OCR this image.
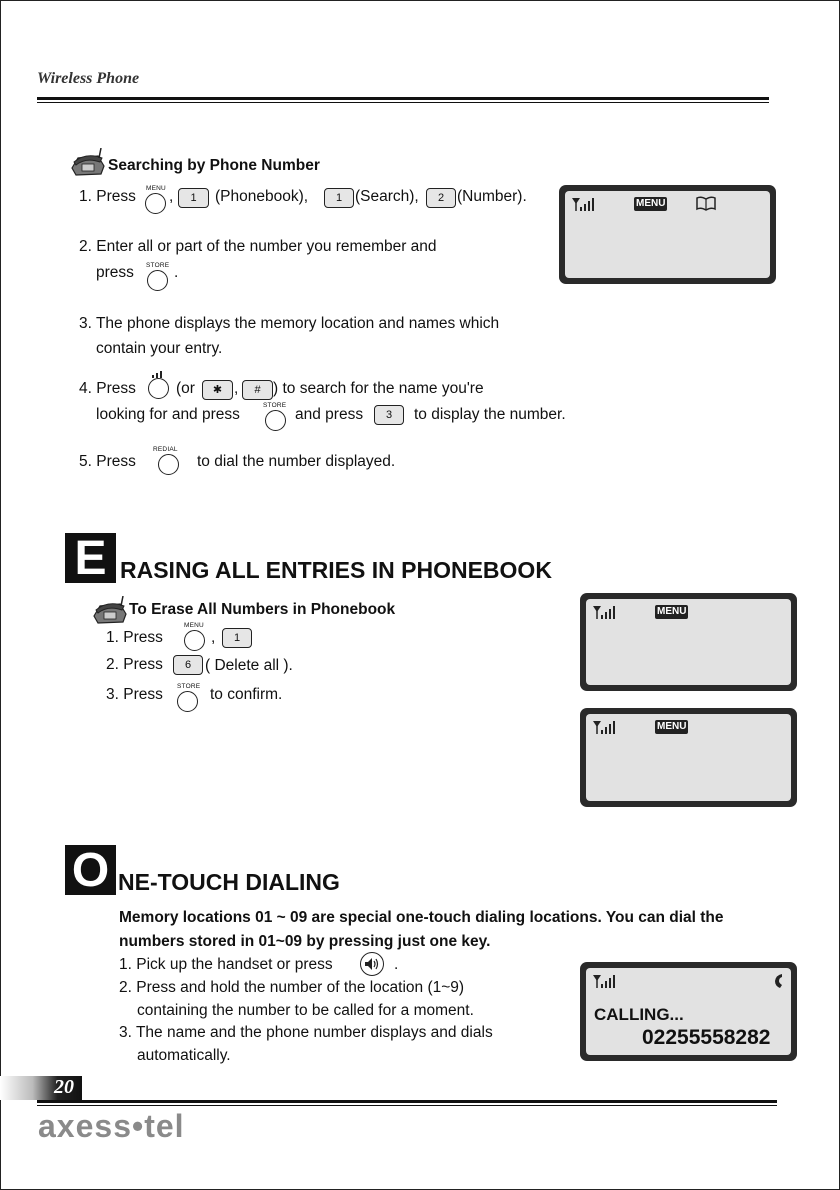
Wireless Phone
Searching by Phone Number
1. Press MENU ,	1	(Phonebook),	1 (Search),	2 (Number).	MENU
2. Enter all or part of the number you remember and
press STORE .
3. The phone displays the memory location and names which
contain your entry.
4. Press	(or	✱ ,	# ) to search for the name you're
looking for and press
STORE
and press	3	to display the number.
5. Press
REDIAL
to dial the number displayed.
E RASING ALL ENTRIES IN PHONEBOOK
To Erase All Numbers in Phonebook
1. Press
MENU
,	1
2. Press	6 ( Delete all ).
3. Press STORE to confirm.
MENU
MENU
O NE-TOUCH DIALING
Memory locations 01 ~ 09 are special one-touch dialing locations. You can dial the
numbers stored in 01~09 by pressing just one key.
1. Pick up the handset or press	.
2. Press and hold the number of the location (1~9)
containing the number to be called for a moment.
3. The name and the phone number displays and dials
automatically.
CALLING...
02255558282
20
axess•tel
